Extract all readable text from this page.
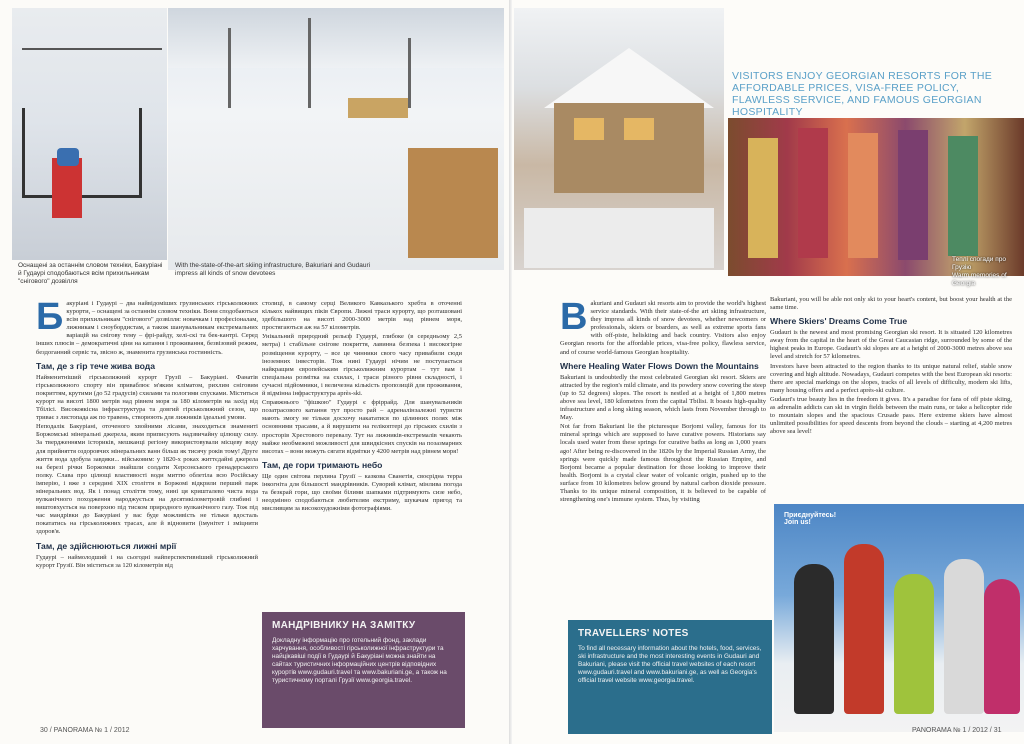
Оснащені за останнім словом техніки, Бакуріані й Гудаурі сподобаються всім прихильникам "снігового" дозвілля
With the-state-of-the-art skiing infrastructure, Bakuriani and Gudauri impress all kinds of snow devotees
Б акуріані і Гудаурі – два найвідоміших грузинських гірськолижних курорти, – оснащені за останнім словом техніки. Вони сподобаються всім прихильникам "снігового" дозвілля: новачкам і професіоналам, лижникам і сноубордистам, а також шанувальникам екстремальних варіацій на снігову тему – фрі-райду, хелі-скі та бек-кантрі. Серед інших плюсів – демократичні ціни на катання і проживання, безвізовий режим, бездоганний сервіс та, звісно ж, знаменита грузинська гостинність.

Там, де з гір тече жива вода

Найменитніший гірськолижний курорт Грузії – Бакуріані. Фанатів гірськолижного спорту він приваблює м'яким кліматом, рихлим сніговим покриттям, крутими (до 52 градусів) схилами та пологими спусками. Міститься курорт на висоті 1800 метрів над рівнем моря за 180 кілометрів на захід від Тбілісі. Високоякісна інфраструктура та довгий гірськолижний сезон, що триває з листопада аж по травень, створюють для лижників ідеальні умови.

Неподалік Бакуріані, оточеного хвойними лісами, знаходиться знамениті Боржомські мінеральні джерела, яким приписують надзвичайну цілющу силу. За твердженнями істориків, мешканці регіону використовували місцеву воду для прийняття оздоровчих мінеральних ванн більш як тисячу років тому! Друге життя вода здобула завдяки... військовим: у 1820-х роках життєдайні джерела на березі річки Боржомки знайшли солдати Херсонського гренадерського полку. Слава про цілющі властивості води миттю облетіла всю Російську імперію, і вже з середині XIX століття в Боржомі відкрили перший парк мінеральних вод. Як і понад століття тому, нині ця кришталево чиста вода вулканічного походження народжується на десятикілометровій глибині і виштовхується на поверхню під тиском природного вулканічного газу. Тож під час мандрівки до Бакуріані у вас буде можливість не тільки вдосталь покататись на гірськолижних трасах, але й відновити (імунітет і зміцнити здоров'я.

Там, де здійснюються лижні мрії

Гудаурі – наймолодший і на сьогодні найперспективніший гірськолижний курорт Грузії. Він міститься за 120 кілометрів від

столиці, в самому серці Великого Кавказького хребта в оточенні кількох найвищих піків Європи. Лижні траси курорту, що розташовані здебільшого на висоті 2000-3000 метрів над рівнем моря, простягаються аж на 57 кілометрів.

Унікальний природний рельєф Гудаурі, глибоке (в середньому 2,5 метра) і стабільне снігове покриття, лавинна безпека і високогірне розміщення курорту, – все це чинники свого часу привабили сюди іноземних інвесторів. Тож нині Гудаурі нічим не поступається найкращим європейським гірськолижним курортам – тут вам і спеціальна розмітка на схилах, і траси різного рівня складності, і сучасні підйомники, і величезна кількість пропозицій для проживання, й відмінна інфраструктура après-ski.

Справжнього "фішкою" Гудаурі є фріррайд. Для шанувальників позатрасового катання тут просто рай – адреналінзалежні туристи мають змогу не тільки досхочу накататися по цілинних полях між основними трасами, а й вирушити на гелікоптері до гірських схилів з просторів Хрестового перевалу. Тут на лижників-екстремалів чекають майже необмежені можливості для швидкісних спусків на позазмарних висотах – вони можуть сягати відмітки у 4200 метрів над рівнем моря!

Там, де гори тримають небо

Ще один світова перлина Грузії – казкова Сванетія, своєрідна терра інкогніта для більшості мандрівників. Суворий клімат, мінлива погода та безкрай гори, що своїми білими шапками підтримують сизе небо, неодмінно сподобаються любителям екстриму, шукачам пригод та мисливцям за високохудожніми фотографіями.

МАНДРІВНИКУ НА ЗАМІТКУ
Докладну інформацію про готельний фонд, заклади харчування, особливості гірськолижної інфраструктури та найцікавіші події в Гудаурі й Бакуріані можна знайти на сайтах туристичних інформаційних центрів відповідних курортів www.gudauri.travel та www.bakuriani.ge, а також на туристичному порталі Грузії www.georgia.travel.
30 / PANORAMA № 1 / 2012
VISITORS ENJOY GEORGIAN RESORTS FOR THE AFFORDABLE PRICES, VISA-FREE POLICY, FLAWLESS SERVICE, AND FAMOUS GEORGIAN HOSPITALITY
Теплі спогади про Грузію
Warm memories of Georgia
B akuriani and Gudauri ski resorts aim to provide the world's highest service standards. With their state-of-the art skiing infrastructure, they impress all kinds of snow devotees, whether newcomers or professionals, skiers or boarders, as well as extreme sports fans with off-piste, heliskiing and back country. Visitors also enjoy Georgian resorts for the affordable prices, visa-free policy, flawless service, and of course world-famous Georgian hospitality.

Where Healing Water Flows Down the Mountains

Bakuriani is undoubtedly the most celebrated Georgian ski resort. Skiers are attracted by the region's mild climate, and its powdery snow covering the steep (up to 52 degrees) slopes. The resort is nestled at a height of 1,800 metres above sea level, 180 kilometres from the capital Tbilisi. It boasts high-quality infrastructure and a long skiing season, which lasts from November through to May.

Not far from Bakuriani lie the picturesque Borjomi valley, famous for its mineral springs which are supposed to have curative powers. Historians say locals used water from these springs for curative baths as long as 1,000 years ago! After being re-discovered in the 1820s by the Imperial Russian Army, the springs were quickly made famous throughout the Russian Empire, and Borjomi became a popular destination for those looking to improve their health. Borjomi is a crystal clear water of volcanic origin, pushed up to the surface from 10 kilometres below ground by natural carbon dioxide pressure. Thanks to its unique mineral composition, it is believed to be capable of strengthening one's immune system. Thus, by visiting

Bakuriani, you will be able not only ski to your heart's content, but boost your health at the same time.

Where Skiers' Dreams Come True

Gudauri is the newest and most promising Georgian ski resort. It is situated 120 kilometres away from the capital in the heart of the Great Caucasian ridge, surrounded by some of the highest peaks in Europe. Gudauri's ski slopes are at a height of 2000-3000 metres above sea level and stretch for 57 kilometres.

Investors have been attracted to the region thanks to its unique natural relief, stable snow covering and high altitude. Nowadays, Gudauri competes with the best European ski resorts: there are special markings on the slopes, tracks of all levels of difficulty, modern ski lifts, many housing offers and a perfect après-ski culture.

Gudauri's true beauty lies in the freedom it gives. It's a paradise for fans of off piste skiing, as adrenalin addicts can ski in virgin fields between the main runs, or take a helicopter ride to mountain slopes and the spacious Crusade pass. Here extreme skiers have almost unlimited possibilities for speed descents from beyond the clouds – starting at 4,200 metres above sea level!

Приєднуйтесь!
Join us!
TRAVELLERS' NOTES
To find all necessary information about the hotels, food, services, ski infrastructure and the most interesting events in Gudauri and Bakuriani, please visit the official travel websites of each resort www.gudauri.travel and www.bakuriani.ge, as well as Georgia's official travel website www.georgia.travel.
PANORAMA № 1 / 2012 / 31
